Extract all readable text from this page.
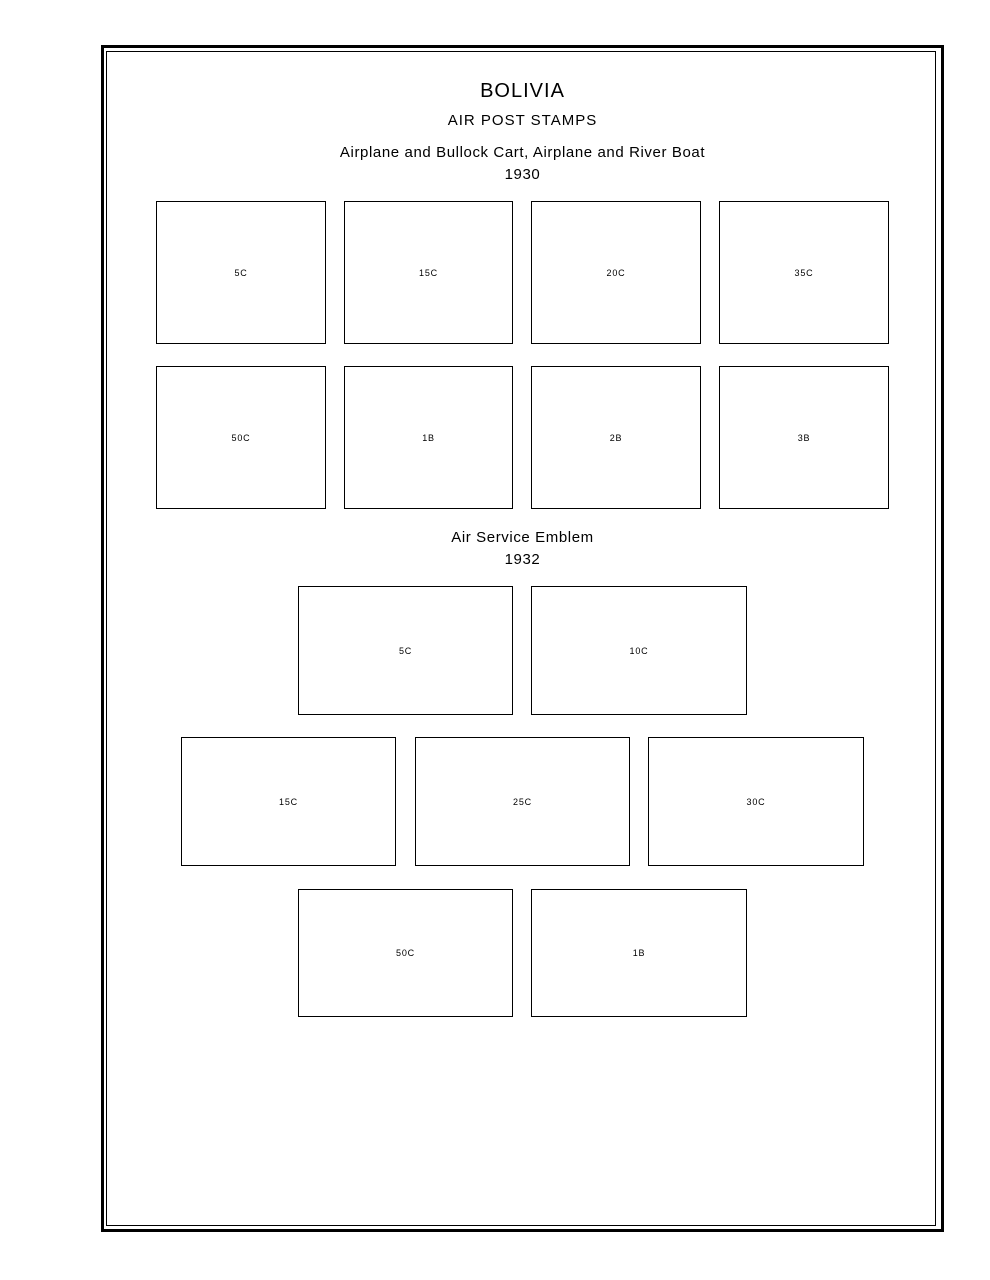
BOLIVIA
AIR POST STAMPS
Airplane and Bullock Cart, Airplane and River Boat
1930
5C	15C	20C	35C
50C	1B	2B	3B
Air Service Emblem
1932
5C	10C
15C	25C	30C
50C	1B
